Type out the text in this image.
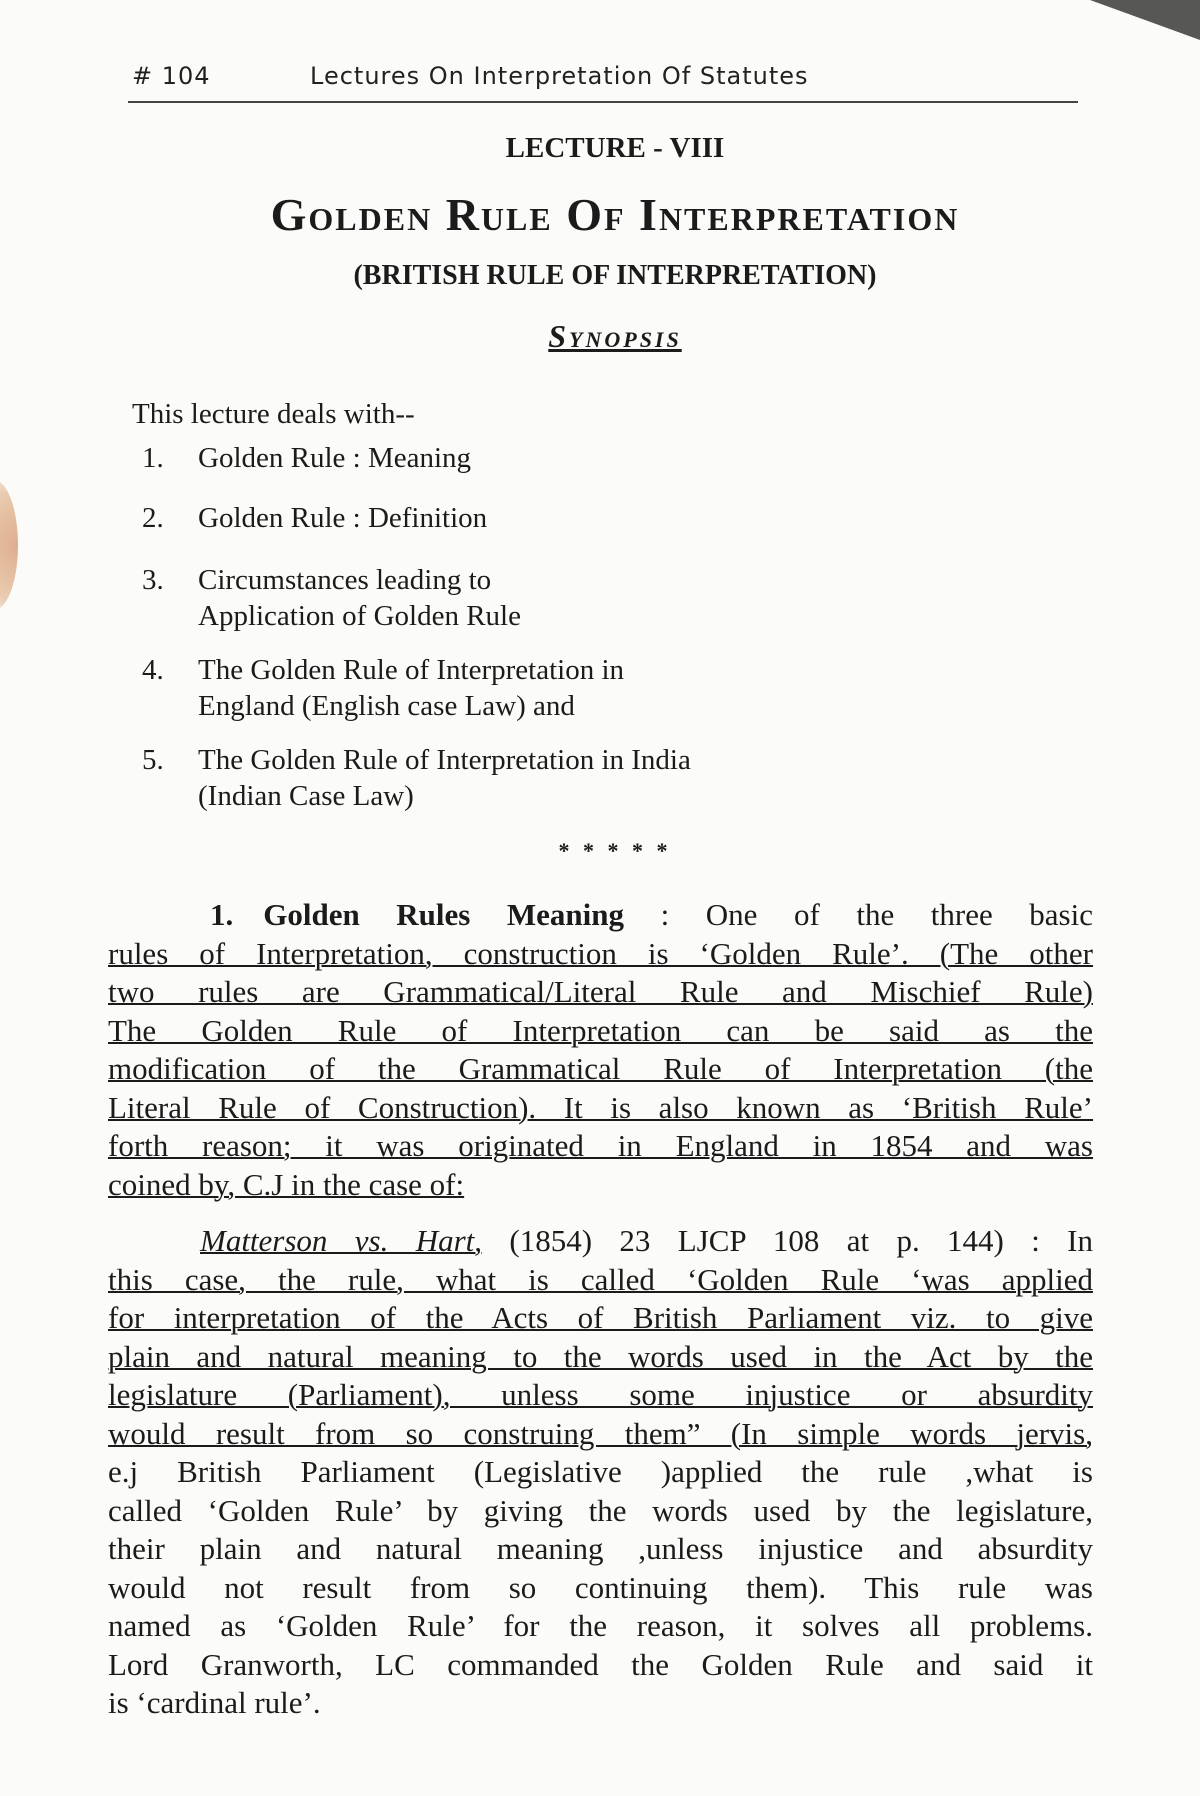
# 104	Lectures On Interpretation Of Statutes
LECTURE - VIII
Golden Rule Of Interpretation
(BRITISH RULE OF INTERPRETATION)
Synopsis
This lecture deals with--
1.	Golden Rule : Meaning
2.	Golden Rule : Definition
3.	Circumstances leading to
Application of Golden Rule
4.	The Golden Rule of Interpretation in
England (English case Law) and
5.	The Golden Rule of Interpretation in India
(Indian Case Law)
* * * * *
1. Golden Rules Meaning : One of the three basic
rules of Interpretation, construction is ‘Golden Rule’. (The other
two rules are Grammatical/Literal Rule and Mischief Rule)
The Golden Rule of Interpretation can be said as the
modification of the Grammatical Rule of Interpretation (the
Literal Rule of Construction). It is also known as ‘British Rule’
forth reason; it was originated in England in 1854 and was
coined by, C.J in the case of:
Matterson vs. Hart, (1854) 23 LJCP 108 at p. 144) : In
this case, the rule, what is called ‘Golden Rule ‘was applied
for interpretation of the Acts of British Parliament viz. to give
plain and natural meaning to the words used in the Act by the
legislature (Parliament), unless some injustice or absurdity
would result from so construing them” (In simple words jervis,
e.j British Parliament (Legislative )applied the rule ,what is
called ‘Golden Rule’ by giving the words used by the legislature,
their plain and natural meaning ,unless injustice and absurdity
would not result from so continuing them). This rule was
named as ‘Golden Rule’ for the reason, it solves all problems.
Lord Granworth, LC commanded the Golden Rule and said it
is ‘cardinal rule’.
